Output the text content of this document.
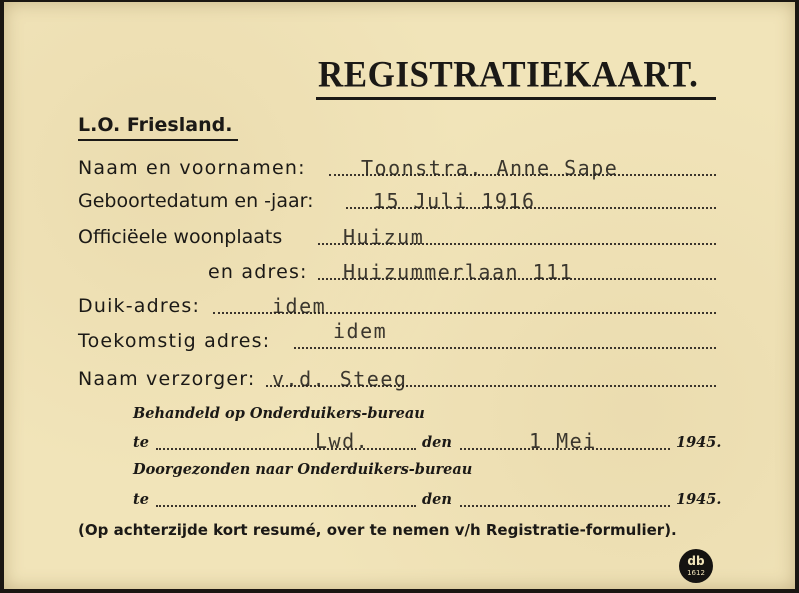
REGISTRATIEKAART.
L.O. Friesland.
Naam en voornamen:	Toonstra. Anne Sape
Geboortedatum en -jaar:	15 Juli 1916
Officiëele woonplaats	Huizum
en adres: Huizummerlaan 111
Duik-adres:	idem
Toekomstig adres:	idem
Naam verzorger: v.d. Steeg
Behandeld op Onderduikers-bureau
te	Lwd.	den	1 Mei	1945.
Doorgezonden naar Onderduikers-bureau
te	den	1945.
(Op achterzijde kort resumé, over te nemen v/h Registratie-formulier).
db
1612
